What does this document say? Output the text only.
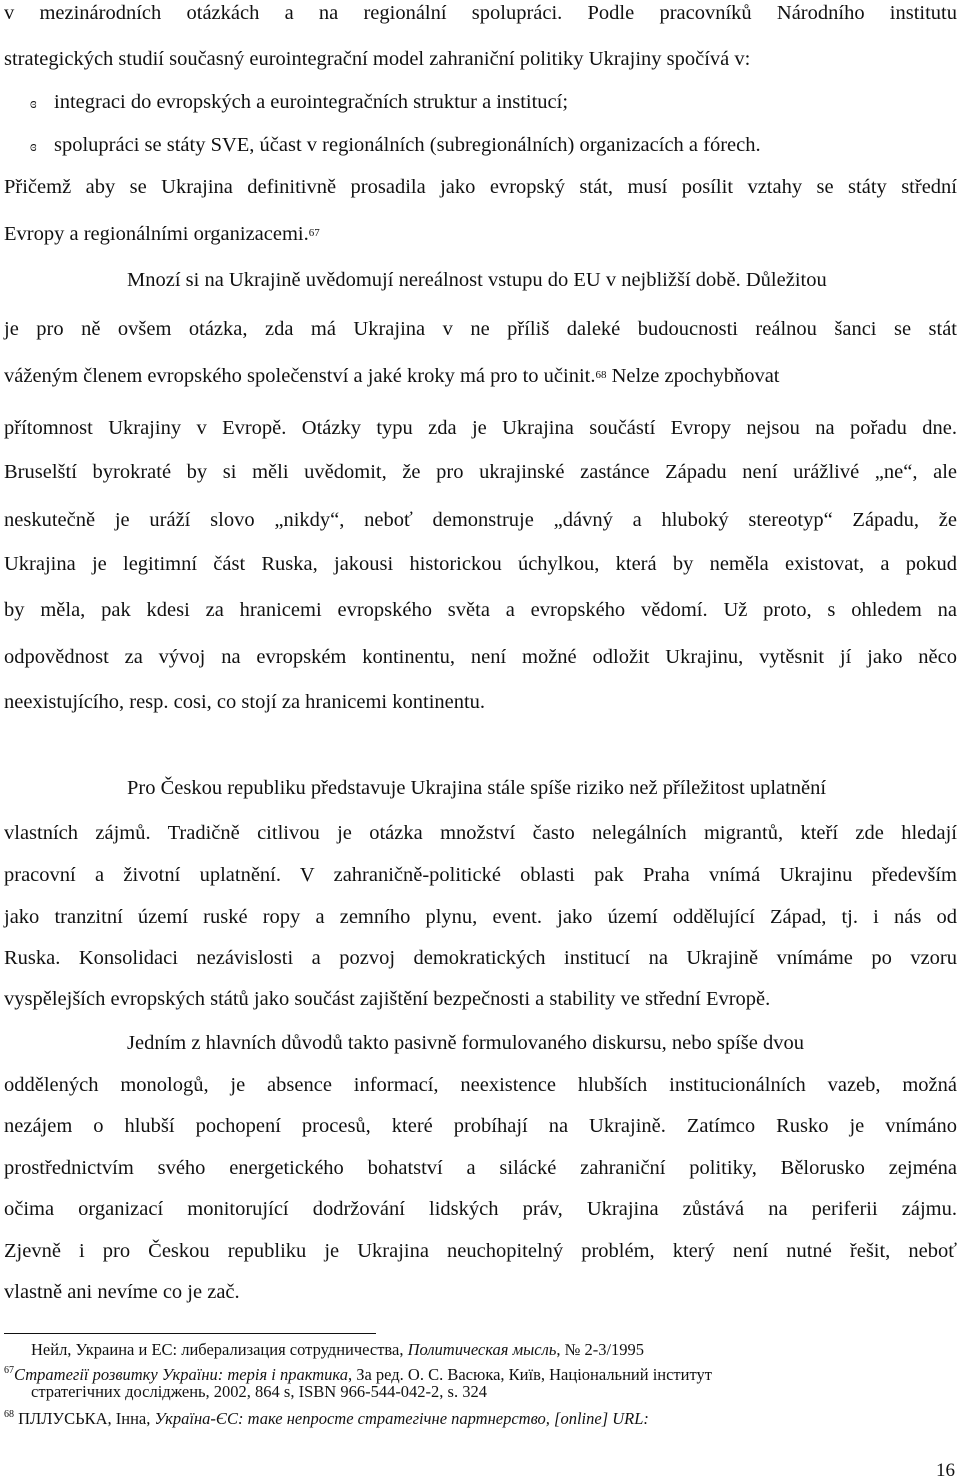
v mezinárodních otázkách a na regionální spolupráci. Podle pracovníků Národního institutu
strategických studií současný eurointegrační model zahraniční politiky Ukrajiny spočívá v:
ɞ integraci do evropských a eurointegračních struktur a institucí;
ɞ spolupráci se státy SVE, účast v regionálních (subregionálních) organizacích a fórech.
Přičemž aby se Ukrajina definitivně prosadila jako evropský stát, musí posílit vztahy se státy střední
Evropy a regionálními organizacemi.$^{67}$
Mnozí si na Ukrajině uvědomují nereálnost vstupu do EU v nejbližší době. Důležitou
je pro ně ovšem otázka, zda má Ukrajina v ne příliš daleké budoucnosti reálnou šanci se stát
váženým členem evropského společenství a jaké kroky má pro to učinit.$^{68}$ Nelze zpochybňovat
přítomnost Ukrajiny v Evropě. Otázky typu zda je Ukrajina součástí Evropy nejsou na pořadu dne.
Bruselští byrokraté by si měli uvědomit, že pro ukrajinské zastánce Západu není urážlivé „ne“, ale
neskutečně je uráží slovo „nikdy“, neboť demonstruje „dávný a hluboký stereotyp“ Západu, že
Ukrajina je legitimní část Ruska, jakousi historickou úchylkou, která by neměla existovat, a pokud
by měla, pak kdesi za hranicemi evropského světa a evropského vědomí. Už proto, s ohledem na
odpovědnost za vývoj na evropském kontinentu, není možné odložit Ukrajinu, vytěsnit jí jako něco
neexistujícího, resp. cosi, co stojí za hranicemi kontinentu.
Pro Českou republiku představuje Ukrajina stále spíše riziko než příležitost uplatnění
vlastních zájmů. Tradičně citlivou je otázka množství často nelegálních migrantů, kteří zde hledají
pracovní a životní uplatnění. V zahraničně-politické oblasti pak Praha vnímá Ukrajinu především
jako tranzitní území ruské ropy a zemního plynu, event. jako území oddělující Západ, tj. i nás od
Ruska. Konsolidaci nezávislosti a pozvoj demokratických institucí na Ukrajině vnímáme po vzoru
vyspělejších evropských států jako součást zajištění bezpečnosti a stability ve střední Evropě.
Jedním z hlavních důvodů takto pasivně formulovaného diskursu, nebo spíše dvou
oddělených monologů, je absence informací, neexistence hlubších institucionálních vazeb, možná
nezájem o hlubší pochopení procesů, které probíhají na Ukrajině. Zatímco Rusko je vnímáno
prostřednictvím svého energetického bohatství a silácké zahraniční politiky, Bělorusko zejména
očima organizací monitorující dodržování lidských práv, Ukrajina zůstává na periferii zájmu.
Zjevně i pro Českou republiku je Ukrajina neuchopitelný problém, který není nutné řešit, neboť
vlastně ani nevíme co je zač.
Нейл, Украина и ЕС: либерализация сотрудничества, Политическая мысль, № 2-3/1995
$^{67}$Стратегії розвитку України: терія і практика, За ред. О. С. Васюка, Київ, Національний інститут
стратегічних досліджень, 2002, 864 s, ISBN 966-544-042-2, s. 324
$^{68}$ ПЛЛУСЬКА, Інна, Україна-ЄС: таке непросте стратегічне партнерство, [online] URL:
16
